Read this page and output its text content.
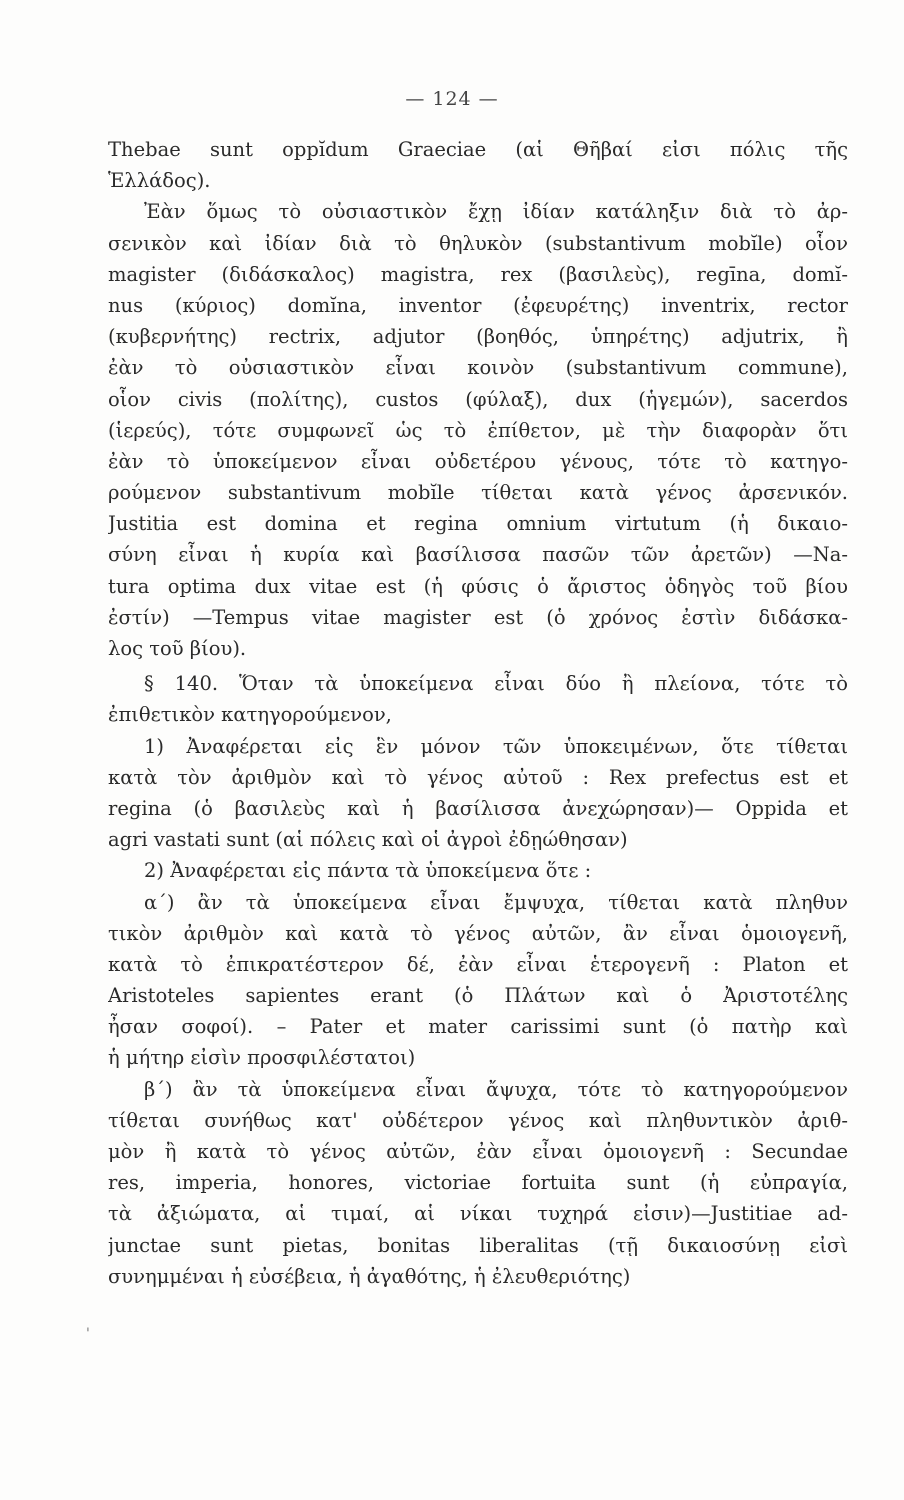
— 124 —
Thebae sunt oppĭdum Graeciae (αἱ Θῆβαί εἰσι πόλις τῆς
Ἑλλάδος).
Ἐὰν ὅμως τὸ οὐσιαστικὸν ἔχῃ ἰδίαν κατάληξιν διὰ τὸ ἀρ-
σενικὸν καὶ ἰδίαν διὰ τὸ θηλυκὸν (substantivum mobĭle) οἷον
magister (διδάσκαλος) magistra, rex (βασιλεὺς), regīna, domĭ-
nus (κύριος) domĭna, inventor (ἐφευρέτης) inventrix, rector
(κυβερνήτης) rectrix, adjutor (βοηθός, ὑπηρέτης) adjutrix, ἢ
ἐὰν τὸ οὐσιαστικὸν εἶναι κοινὸν (substantivum commune),
οἷον civis (πολίτης), custos (φύλαξ), dux (ἡγεμών), sacerdos
(ἱερεύς), τότε συμφωνεῖ ὡς τὸ ἐπίθετον, μὲ τὴν διαφορὰν ὅτι
ἐὰν τὸ ὑποκείμενον εἶναι οὐδετέρου γένους, τότε τὸ κατηγο-
ρούμενον substantivum mobĭle τίθεται κατὰ γένος ἀρσενικόν.
Justitia est domina et regina omnium virtutum (ἡ δικαιο-
σύνη εἶναι ἡ κυρία καὶ βασίλισσα πασῶν τῶν ἀρετῶν) —Na-
tura optima dux vitae est (ἡ φύσις ὁ ἄριστος ὁδηγὸς τοῦ βίου
ἐστίν) —Tempus vitae magister est (ὁ χρόνος ἐστὶν διδάσκα-
λος τοῦ βίου).
§ 140. Ὅταν τὰ ὑποκείμενα εἶναι δύο ἢ πλείονα, τότε τὸ
ἐπιθετικὸν κατηγορούμενον,
1) Ἀναφέρεται εἰς ἓν μόνον τῶν ὑποκειμένων, ὅτε τίθεται
κατὰ τὸν ἀριθμὸν καὶ τὸ γένος αὐτοῦ : Rex prefectus est et
regina (ὁ βασιλεὺς καὶ ἡ βασίλισσα ἀνεχώρησαν)— Oppida et
agri vastati sunt (αἱ πόλεις καὶ οἱ ἀγροὶ ἐδῃώθησαν)
2) Ἀναφέρεται εἰς πάντα τὰ ὑποκείμενα ὅτε :
α΄) ἂν τὰ ὑποκείμενα εἶναι ἔμψυχα, τίθεται κατὰ πληθυν
τικὸν ἀριθμὸν καὶ κατὰ τὸ γένος αὐτῶν, ἂν εἶναι ὁμοιογενῆ,
κατὰ τὸ ἐπικρατέστερον δέ, ἐὰν εἶναι ἑτερογενῆ : Platon et
Aristoteles sapientes erant (ὁ Πλάτων καὶ ὁ Ἀριστοτέλης
ἦσαν σοφοί). – Pater et mater carissimi sunt (ὁ πατὴρ καὶ
ἡ μήτηρ εἰσὶν προσφιλέστατοι)
β΄) ἂν τὰ ὑποκείμενα εἶναι ἄψυχα, τότε τὸ κατηγορούμενον
τίθεται συνήθως κατ' οὐδέτερον γένος καὶ πληθυντικὸν ἀριθ-
μὸν ἢ κατὰ τὸ γένος αὐτῶν, ἐὰν εἶναι ὁμοιογενῆ : Secundae
res, imperia, honores, victoriae fortuita sunt (ἡ εὐπραγία,
τὰ ἀξιώματα, αἱ τιμαί, αἱ νίκαι τυχηρά εἰσιν)—Justitiae ad-
junctae sunt pietas, bonitas liberalitas (τῇ δικαιοσύνῃ εἰσὶ
συνημμέναι ἡ εὐσέβεια, ἡ ἀγαθότης, ἡ ἐλευθεριότης)
'
